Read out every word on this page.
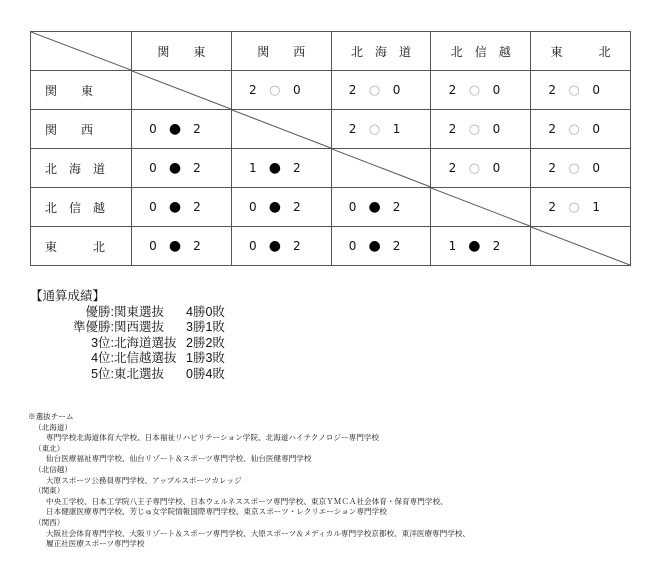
	関　　東	関　　西	北　海　道	北　信　越	東　　　北
関　　東		2 ○ 0	2 ○ 0	2 ○ 0	2 ○ 0
関　　西	0 ● 2		2 ○ 1	2 ○ 0	2 ○ 0
北　海　道	0 ● 2	1 ● 2		2 ○ 0	2 ○ 0
北　信　越	0 ● 2	0 ● 2	0 ● 2		2 ○ 1
東　　　北	0 ● 2	0 ● 2	0 ● 2	1 ● 2	
【通算成績】
優勝: 関東選抜	4勝0敗
準優勝: 関西選抜	3勝1敗
3位: 北海道選抜 2勝2敗
4位: 北信越選抜 1勝3敗
5位: 東北選抜	0勝4敗
※選抜チーム
（北海道）
専門学校北海道体育大学校、日本福祉リハビリテーション学院、北海道ハイテクノロジー専門学校
（東北）
仙台医療福祉専門学校、仙台リゾート＆スポーツ専門学校、仙台医健専門学校
（北信越）
大原スポーツ公務員専門学校、アップルスポーツカレッジ
（関東）
中央工学校、日本工学院八王子専門学校、日本ウェルネススポーツ専門学校、東京ＹＭＣＡ社会体育・保育専門学校、
日本健康医療専門学校、芳じゅ女学院情報国際専門学校、東京スポーツ・レクリエーション専門学校
（関西）
大阪社会体育専門学校、大阪リゾート＆スポーツ専門学校、大原スポーツ＆メディカル専門学校京都校、東洋医療専門学校、
履正社医療スポーツ専門学校
